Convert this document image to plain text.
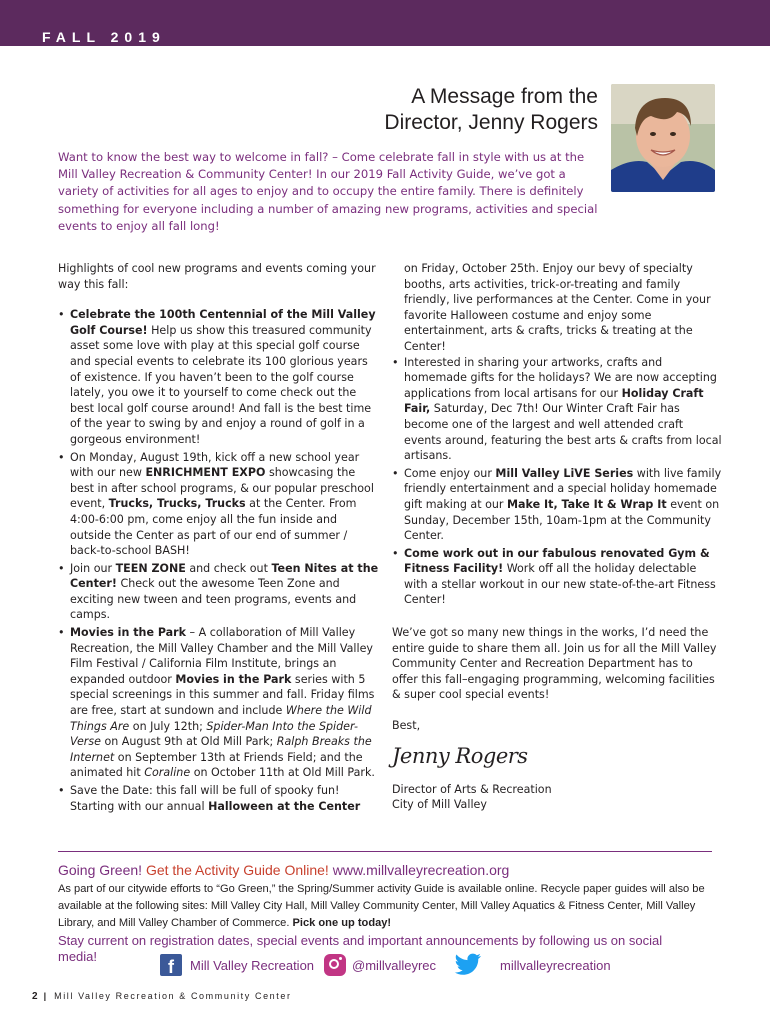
FALL 2019
A Message from the
Director, Jenny Rogers
Want to know the best way to welcome in fall? – Come celebrate fall in style with us at the Mill Valley Recreation & Community Center! In our 2019 Fall Activity Guide, we’ve got a variety of activities for all ages to enjoy and to occupy the entire family. There is definitely something for everyone including a number of amazing new programs, activities and special events to enjoy all fall long!

Highlights of cool new programs and events coming your way this fall:

• Celebrate the 100th Centennial of the Mill Valley Golf Course! Help us show this treasured community asset some love with play at this special golf course and special events to celebrate its 100 glorious years of existence. If you haven’t been to the golf course lately, you owe it to yourself to come check out the best local golf course around! And fall is the best time of the year to swing by and enjoy a round of golf in a gorgeous environment!
• On Monday, August 19th, kick off a new school year with our new ENRICHMENT EXPO showcasing the best in after school programs, & our popular preschool event, Trucks, Trucks, Trucks at the Center. From 4:00-6:00 pm, come enjoy all the fun inside and outside the Center as part of our end of summer / back-to-school BASH!
• Join our TEEN ZONE and check out Teen Nites at the Center! Check out the awesome Teen Zone and exciting new tween and teen programs, events and camps.
• Movies in the Park – A collaboration of Mill Valley Recreation, the Mill Valley Chamber and the Mill Valley Film Festival / California Film Institute, brings an expanded outdoor Movies in the Park series with 5 special screenings in this summer and fall. Friday films are free, start at sundown and include Where the Wild Things Are on July 12th; Spider-Man Into the Spider-Verse on August 9th at Old Mill Park; Ralph Breaks the Internet on September 13th at Friends Field; and the animated hit Coraline on October 11th at Old Mill Park.
• Save the Date: this fall will be full of spooky fun! Starting with our annual Halloween at the Center

on Friday, October 25th. Enjoy our bevy of specialty booths, arts activities, trick-or-treating and family friendly, live performances at the Center. Come in your favorite Halloween costume and enjoy some entertainment, arts & crafts, tricks & treating at the Center!

• Interested in sharing your artworks, crafts and homemade gifts for the holidays? We are now accepting applications from local artisans for our Holiday Craft Fair, Saturday, Dec 7th! Our Winter Craft Fair has become one of the largest and well attended craft events around, featuring the best arts & crafts from local artisans.
• Come enjoy our Mill Valley LiVE Series with live family friendly entertainment and a special holiday homemade gift making at our Make It, Take It & Wrap It event on Sunday, December 15th, 10am-1pm at the Community Center.
• Come work out in our fabulous renovated Gym & Fitness Facility! Work off all the holiday delectable with a stellar workout in our new state-of-the-art Fitness Center!

We’ve got so many new things in the works, I’d need the entire guide to share them all. Join us for all the Mill Valley Community Center and Recreation Department has to offer this fall–engaging programming, welcoming facilities & super cool special events!

Best,

Jenny Rogers

Director of Arts & Recreation

City of Mill Valley

Going Green! Get the Activity Guide Online! www.millvalleyrecreation.org
As part of our citywide efforts to “Go Green,” the Spring/Summer activity Guide is available online. Recycle paper guides will also be available at the following sites: Mill Valley City Hall, Mill Valley Community Center, Mill Valley Aquatics & Fitness Center, Mill Valley Library, and Mill Valley Chamber of Commerce. Pick one up today!
Stay current on registration dates, special events and important announcements by following us on social media!
f	Mill Valley Recreation	@millvalleyrec	millvalleyrecreation
2 | Mill Valley Recreation & Community Center
